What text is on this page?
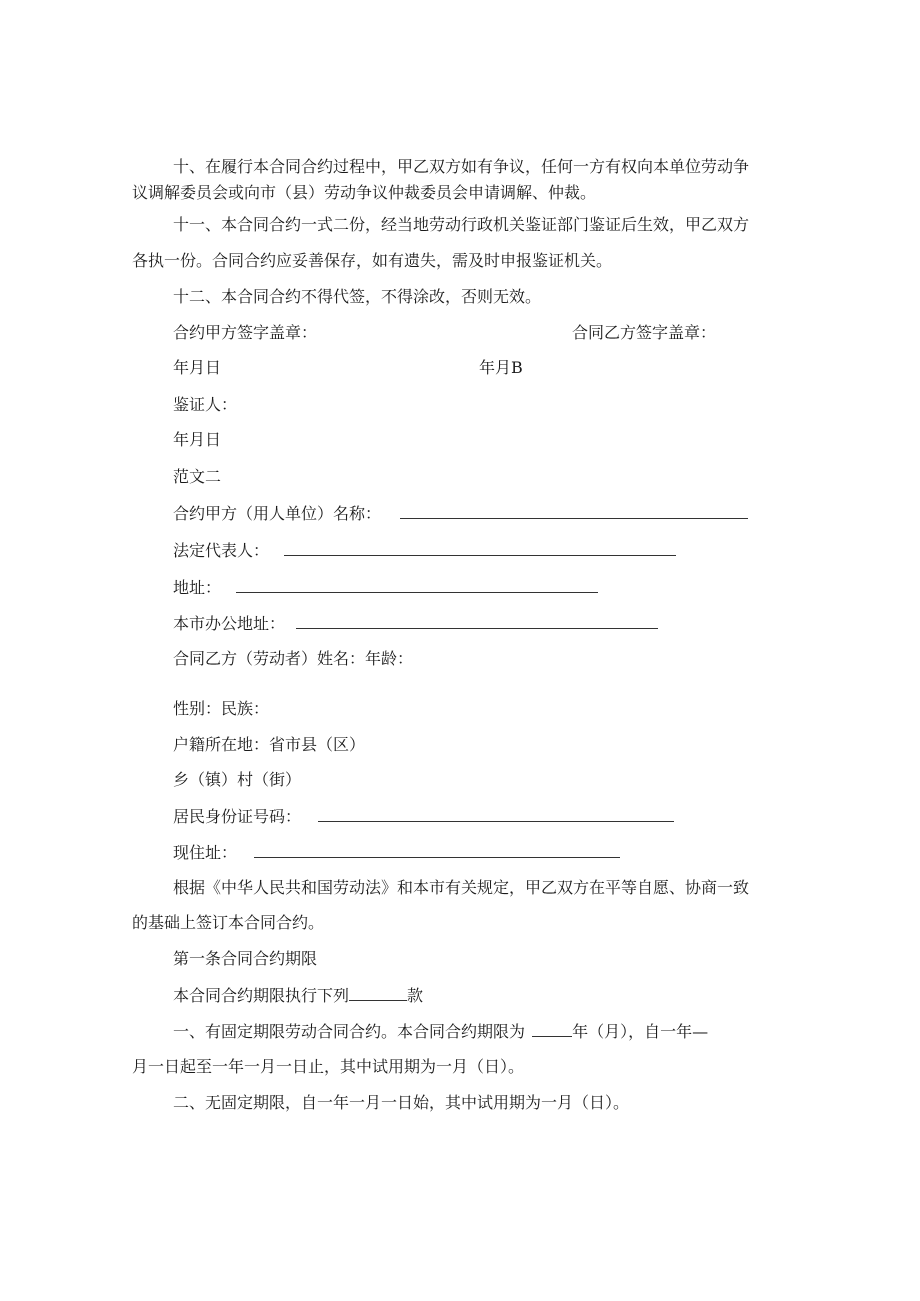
十、在履行本合同合约过程中，甲乙双方如有争议，任何一方有权向本单位劳动争
议调解委员会或向市（县）劳动争议仲裁委员会申请调解、仲裁。
十一、本合同合约一式二份，经当地劳动行政机关鉴证部门鉴证后生效，甲乙双方
各执一份。合同合约应妥善保存，如有遗失，需及时申报鉴证机关。
十二、本合同合约不得代签，不得涂改，否则无效。
合约甲方签字盖章：	合同乙方签字盖章：
年月日	年月B
鉴证人：
年月日
范文二
合约甲方（用人单位）名称：
法定代表人：
地址：
本市办公地址：
合同乙方（劳动者）姓名：年龄：
性别：民族：
户籍所在地：省市县（区）
乡（镇）村（街）
居民身份证号码：
现住址：
根据《中华人民共和国劳动法》和本市有关规定，甲乙双方在平等自愿、协商一致
的基础上签订本合同合约。
第一条合同合约期限
本合同合约期限执行下列	款
一、有固定期限劳动合同合约。本合同合约期限为	年（月），自一年—
月一日起至一年一月一日止，其中试用期为一月（日）。
二、无固定期限，自一年一月一日始，其中试用期为一月（日）。
